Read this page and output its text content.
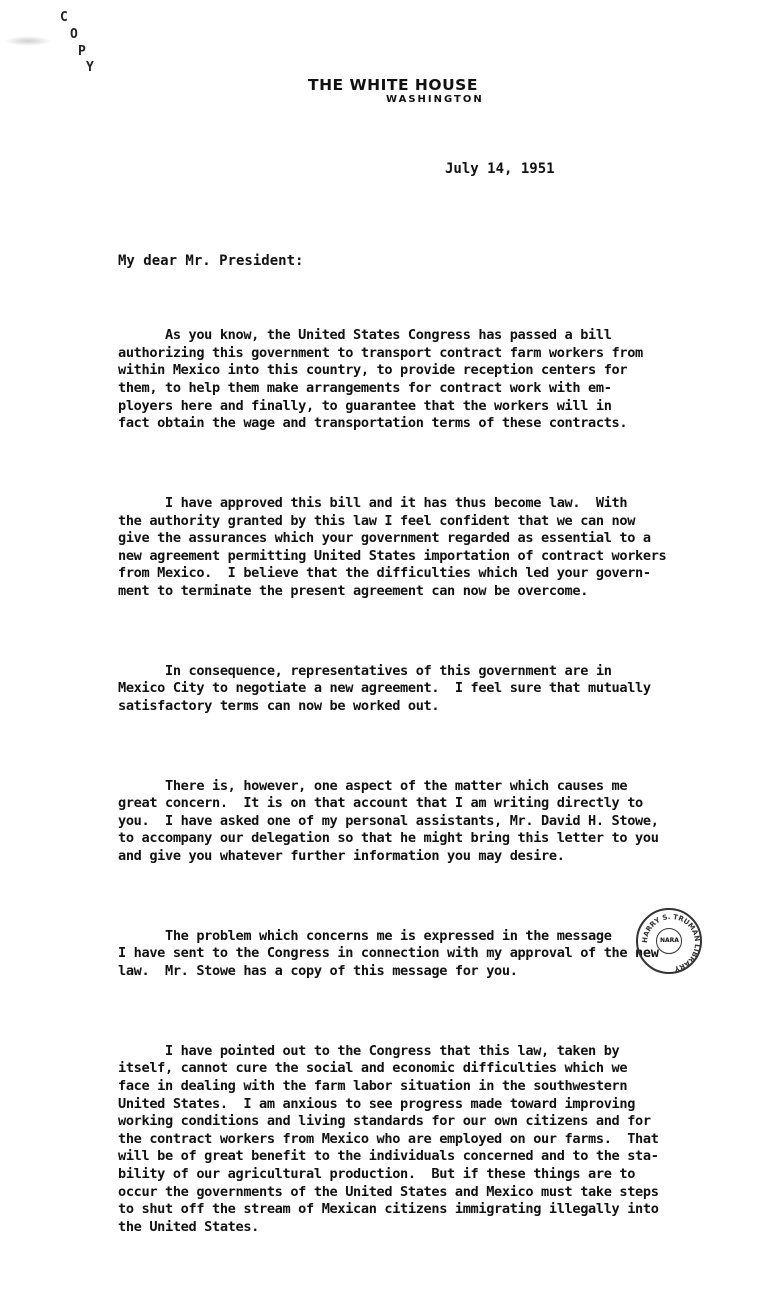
C
O
P
Y
THE WHITE HOUSE
WASHINGTON
July 14, 1951
My dear Mr. President:

As you know, the United States Congress has passed a bill
authorizing this government to transport contract farm workers from
within Mexico into this country, to provide reception centers for
them, to help them make arrangements for contract work with em-
ployers here and finally, to guarantee that the workers will in
fact obtain the wage and transportation terms of these contracts.

I have approved this bill and it has thus become law.  With
the authority granted by this law I feel confident that we can now
give the assurances which your government regarded as essential to a
new agreement permitting United States importation of contract workers
from Mexico.  I believe that the difficulties which led your govern-
ment to terminate the present agreement can now be overcome.

In consequence, representatives of this government are in
Mexico City to negotiate a new agreement.  I feel sure that mutually
satisfactory terms can now be worked out.

There is, however, one aspect of the matter which causes me
great concern.  It is on that account that I am writing directly to
you.  I have asked one of my personal assistants, Mr. David H. Stowe,
to accompany our delegation so that he might bring this letter to you
and give you whatever further information you may desire.

The problem which concerns me is expressed in the message
I have sent to the Congress in connection with my approval of the new
law.  Mr. Stowe has a copy of this message for you.

I have pointed out to the Congress that this law, taken by
itself, cannot cure the social and economic difficulties which we
face in dealing with the farm labor situation in the southwestern
United States.  I am anxious to see progress made toward improving
working conditions and living standards for our own citizens and for
the contract workers from Mexico who are employed on our farms.  That
will be of great benefit to the individuals concerned and to the sta-
bility of our agricultural production.  But if these things are to
occur the governments of the United States and Mexico must take steps
to shut off the stream of Mexican citizens immigrating illegally into
the United States.

HARRY S. TRUMAN LIBRARY
NARA
